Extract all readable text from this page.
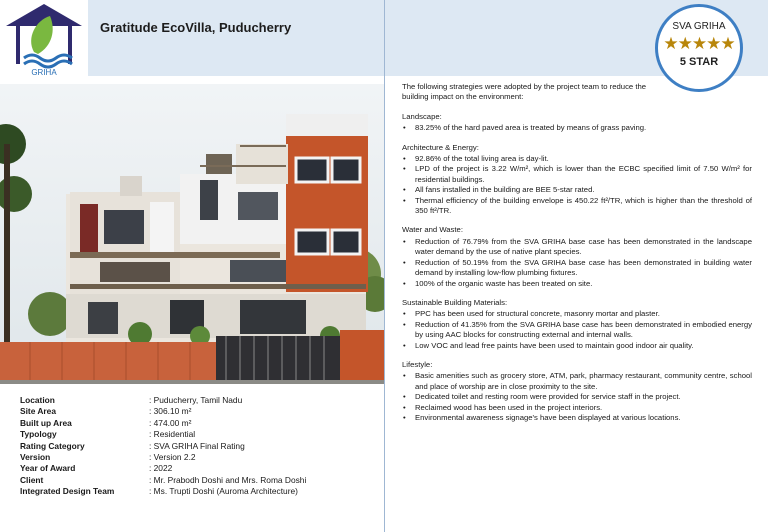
GRIHA
Gratitude EcoVilla, Puducherry	SVA GRIHA
★★★★★
5 STAR
Location	: Puducherry, Tamil Nadu
Site Area	: 306.10 m²
Built up Area	: 474.00 m²
Typology	: Residential
Rating Category	: SVA GRIHA Final Rating
Version	: Version 2.2
Year of Award	: 2022
Client	: Mr. Prabodh Doshi and Mrs. Roma Doshi
Integrated Design Team	: Ms. Trupti Doshi (Auroma Architecture)

The following strategies were adopted by the project team to reduce the building impact on the environment:

Landscape:

• 83.25% of the hard paved area is treated by means of grass paving.

Architecture & Energy:

• 92.86% of the total living area is day-lit.
• LPD of the project is 3.22 W/m², which is lower than the ECBC specified limit of 7.50 W/m² for residential buildings.
• All fans installed in the building are BEE 5-star rated.
• Thermal efficiency of the building envelope is 450.22 ft²/TR, which is higher than the threshold of 350 ft²/TR.

Water and Waste:

• Reduction of 76.79% from the SVA GRIHA base case has been demonstrated in the landscape water demand by the use of native plant species.
• Reduction of 50.19% from the SVA GRIHA base case has been demonstrated in building water demand by installing low-flow plumbing fixtures.
• 100% of the organic waste has been treated on site.

Sustainable Building Materials:

• PPC has been used for structural concrete, masonry mortar and plaster.
• Reduction of 41.35% from the SVA GRIHA base case has been demonstrated in embodied energy by using AAC blocks for constructing external and internal walls.
• Low VOC and lead free paints have been used to maintain good indoor air quality.

Lifestyle:

• Basic amenities such as grocery store, ATM, park, pharmacy restaurant, community centre, school and place of worship are in close proximity to the site.
• Dedicated toilet and resting room were provided for service staff in the project.
• Reclaimed wood has been used in the project interiors.
• Environmental awareness signage's have been displayed at various locations.
